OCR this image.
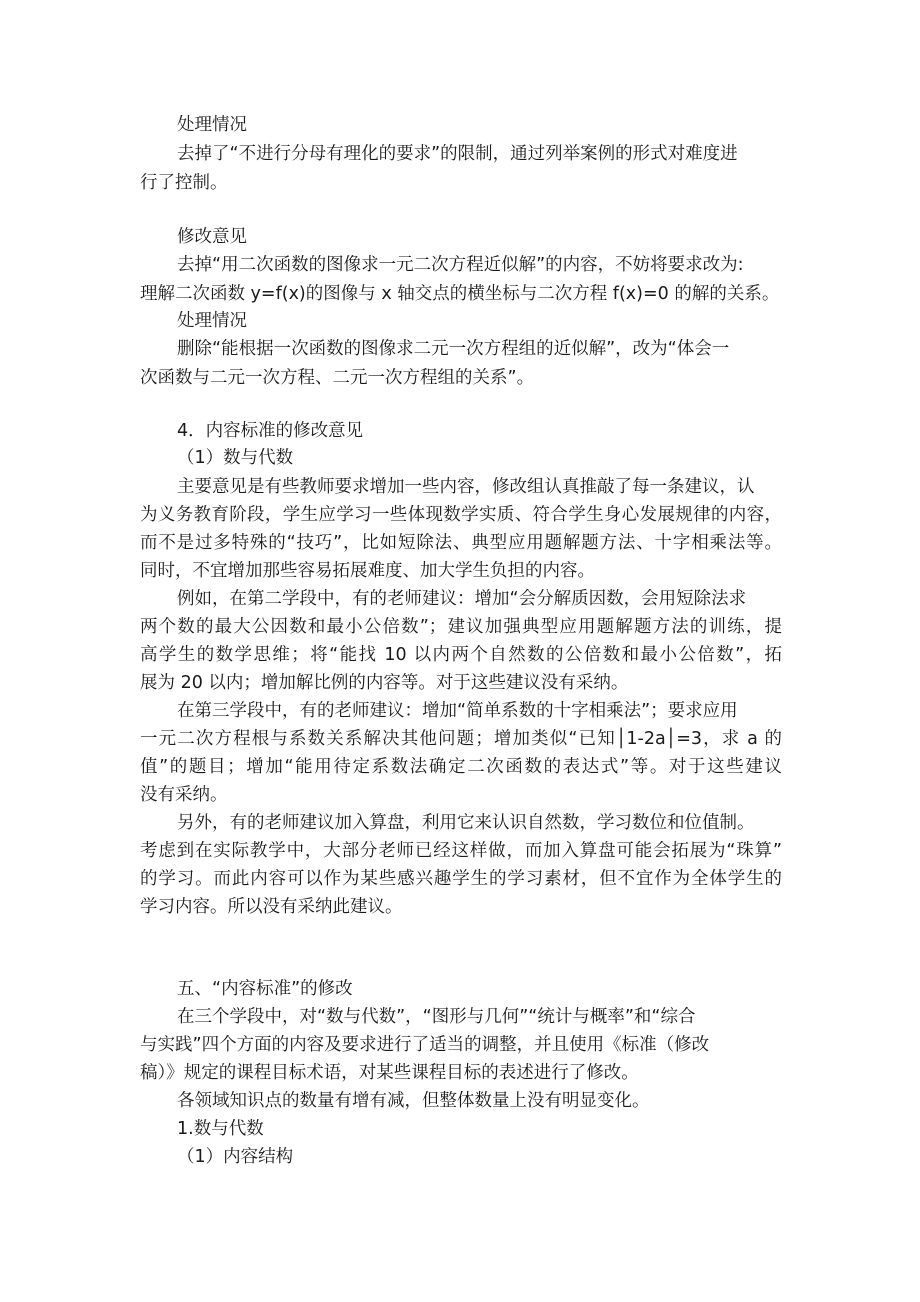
处理情况

去掉了“不进行分母有理化的要求”的限制，通过列举案例的形式对难度进

行了控制。

修改意见

去掉“用二次函数的图像求一元二次方程近似解”的内容，不妨将要求改为:

理解二次函数 y=f(x)的图像与 x 轴交点的横坐标与二次方程 f(x)=0 的解的关系。

处理情况

删除“能根据一次函数的图像求二元一次方程组的近似解”，改为“体会一

次函数与二元一次方程、二元一次方程组的关系”。

4．内容标准的修改意见

（1）数与代数

主要意见是有些教师要求增加一些内容，修改组认真推敲了每一条建议，认

为义务教育阶段，学生应学习一些体现数学实质、符合学生身心发展规律的内容，

而不是过多特殊的“技巧”，比如短除法、典型应用题解题方法、十字相乘法等。

同时，不宜增加那些容易拓展难度、加大学生负担的内容。

例如，在第二学段中，有的老师建议：增加“会分解质因数，会用短除法求

两个数的最大公因数和最小公倍数”；建议加强典型应用题解题方法的训练，提

高学生的数学思维；将“能找 10 以内两个自然数的公倍数和最小公倍数”，拓

展为 20 以内；增加解比例的内容等。对于这些建议没有采纳。

在第三学段中，有的老师建议：增加“简单系数的十字相乘法”；要求应用

一元二次方程根与系数关系解决其他问题；增加类似“已知│1-2a│=3，求 a 的

值”的题目；增加“能用待定系数法确定二次函数的表达式”等。对于这些建议

没有采纳。

另外，有的老师建议加入算盘，利用它来认识自然数，学习数位和位值制。

考虑到在实际教学中，大部分老师已经这样做，而加入算盘可能会拓展为“珠算”

的学习。而此内容可以作为某些感兴趣学生的学习素材，但不宜作为全体学生的

学习内容。所以没有采纳此建议。

五、“内容标准”的修改

在三个学段中，对“数与代数”，“图形与几何”“统计与概率”和“综合

与实践”四个方面的内容及要求进行了适当的调整，并且使用《标准（修改

稿）》规定的课程目标术语，对某些课程目标的表述进行了修改。

各领域知识点的数量有增有减，但整体数量上没有明显变化。

1.数与代数

（1）内容结构
